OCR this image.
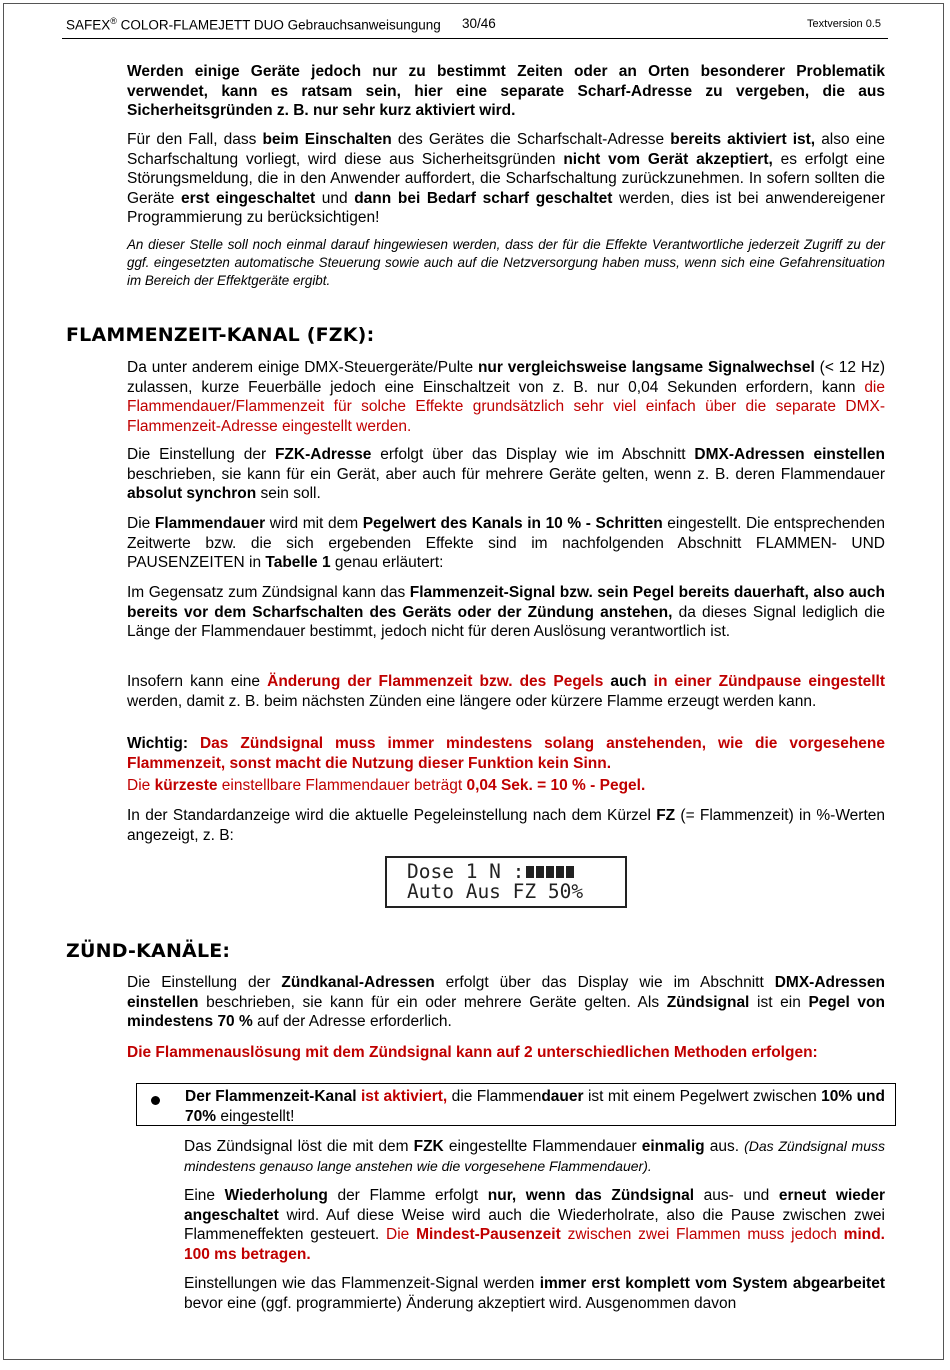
SAFEX® COLOR-FLAMEJETT DUO Gebrauchsanweisungung 30/46	Textversion 0.5
Werden einige Geräte jedoch nur zu bestimmt Zeiten oder an Orten besonderer Problematik verwendet, kann es ratsam sein, hier eine separate Scharf-Adresse zu vergeben, die aus Sicherheitsgründen z. B. nur sehr kurz aktiviert wird.
Für den Fall, dass beim Einschalten des Gerätes die Scharfschalt-Adresse bereits aktiviert ist, also eine Scharfschaltung vorliegt, wird diese aus Sicherheitsgründen nicht vom Gerät akzeptiert, es erfolgt eine Störungsmeldung, die in den Anwender auffordert, die Scharfschaltung zurückzunehmen. In sofern sollten die Geräte erst eingeschaltet und dann bei Bedarf scharf geschaltet werden, dies ist bei anwendereigener Programmierung zu berücksichtigen!
An dieser Stelle soll noch einmal darauf hingewiesen werden, dass der für die Effekte Verantwortliche jederzeit Zugriff zu der ggf. eingesetzten automatische Steuerung sowie auch auf die Netzversorgung haben muss, wenn sich eine Gefahrensituation im Bereich der Effektgeräte ergibt.
FLAMMENZEIT-KANAL (FZK):
Da unter anderem einige DMX-Steuergeräte/Pulte nur vergleichsweise langsame Signalwechsel (< 12 Hz) zulassen, kurze Feuerbälle jedoch eine Einschaltzeit von z. B. nur 0,04 Sekunden erfordern, kann die Flammendauer/Flammenzeit für solche Effekte grundsätzlich sehr viel einfach über die separate DMX-Flammenzeit-Adresse eingestellt werden.
Die Einstellung der FZK-Adresse erfolgt über das Display wie im Abschnitt DMX-Adressen einstellen beschrieben, sie kann für ein Gerät, aber auch für mehrere Geräte gelten, wenn z. B. deren Flammendauer absolut synchron sein soll.
Die Flammendauer wird mit dem Pegelwert des Kanals in 10 % - Schritten eingestellt. Die entsprechenden Zeitwerte bzw. die sich ergebenden Effekte sind im nachfolgenden Abschnitt FLAMMEN- UND PAUSENZEITEN in Tabelle 1 genau erläutert:
Im Gegensatz zum Zündsignal kann das Flammenzeit-Signal bzw. sein Pegel bereits dauerhaft, also auch bereits vor dem Scharfschalten des Geräts oder der Zündung anstehen, da dieses Signal lediglich die Länge der Flammendauer bestimmt, jedoch nicht für deren Auslösung verantwortlich ist.
Insofern kann eine Änderung der Flammenzeit bzw. des Pegels auch in einer Zündpause eingestellt werden, damit z. B. beim nächsten Zünden eine längere oder kürzere Flamme erzeugt werden kann.
Wichtig: Das Zündsignal muss immer mindestens solang anstehenden, wie die vorgesehene Flammenzeit, sonst macht die Nutzung dieser Funktion kein Sinn.
Die kürzeste einstellbare Flammendauer beträgt 0,04 Sek. = 10 % - Pegel.
In der Standardanzeige wird die aktuelle Pegeleinstellung nach dem Kürzel FZ (= Flammenzeit) in %-Werten angezeigt, z. B:
Dose 1 N :
Auto Aus FZ 50%
ZÜND-KANÄLE:
Die Einstellung der Zündkanal-Adressen erfolgt über das Display wie im Abschnitt DMX-Adressen einstellen beschrieben, sie kann für ein oder mehrere Geräte gelten. Als Zündsignal ist ein Pegel von mindestens 70 % auf der Adresse erforderlich.
Die Flammenauslösung mit dem Zündsignal kann auf 2 unterschiedlichen Methoden erfolgen:
Der Flammenzeit-Kanal ist aktiviert, die Flammendauer ist mit einem Pegelwert zwischen 10% und 70% eingestellt!
Das Zündsignal löst die mit dem FZK eingestellte Flammendauer einmalig aus. (Das Zündsignal muss mindestens genauso lange anstehen wie die vorgesehene Flammendauer).
Eine Wiederholung der Flamme erfolgt nur, wenn das Zündsignal aus- und erneut wieder angeschaltet wird. Auf diese Weise wird auch die Wiederholrate, also die Pause zwischen zwei Flammeneffekten gesteuert. Die Mindest-Pausenzeit zwischen zwei Flammen muss jedoch mind. 100 ms betragen.
Einstellungen wie das Flammenzeit-Signal werden immer erst komplett vom System abgearbeitet bevor eine (ggf. programmierte) Änderung akzeptiert wird. Ausgenommen davon
